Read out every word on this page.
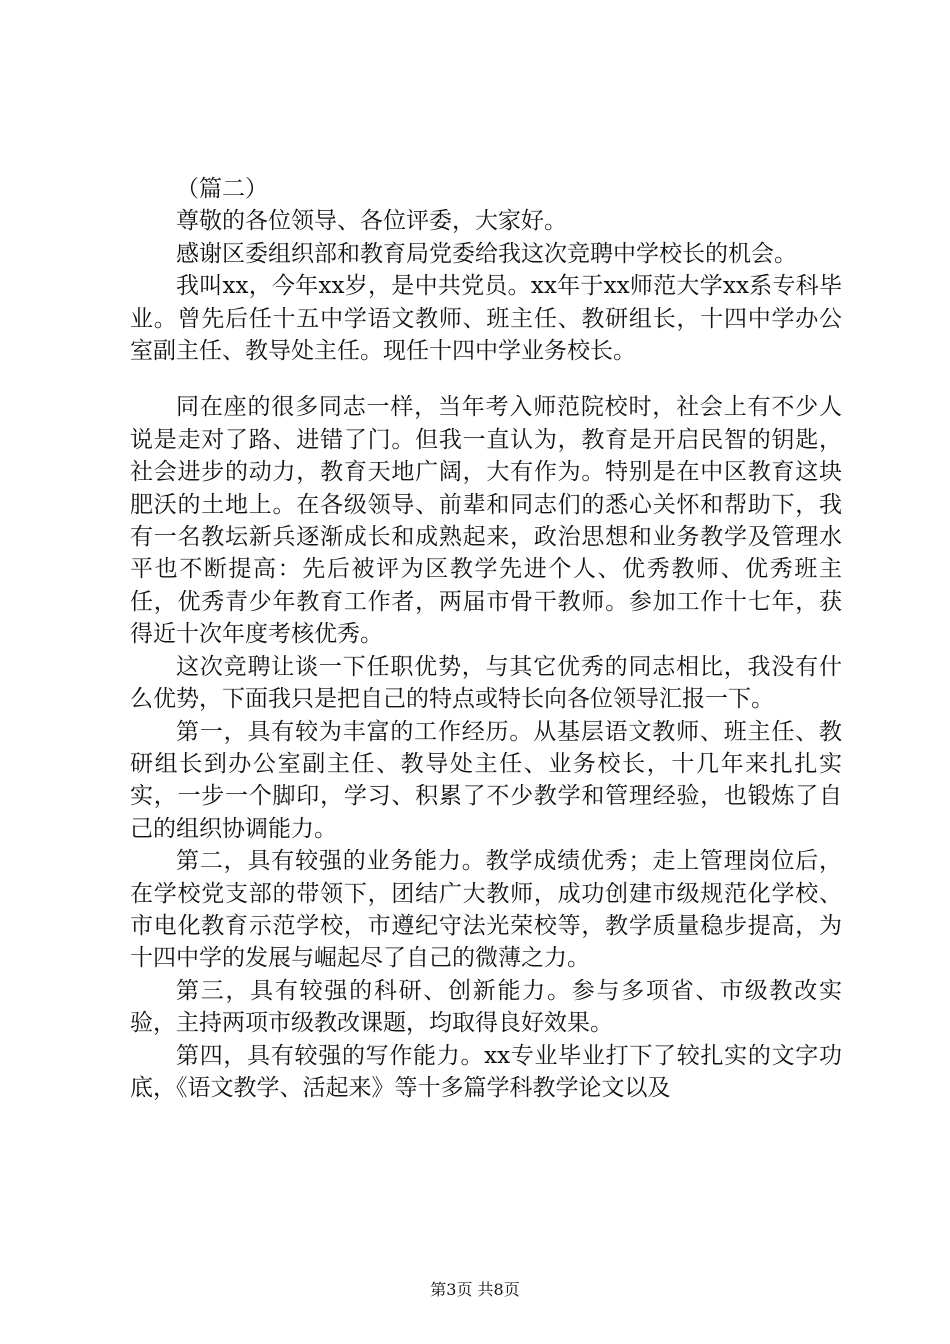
（篇二）

尊敬的各位领导、各位评委，大家好。

感谢区委组织部和教育局党委给我这次竞聘中学校长的机会。

我叫xx，今年xx岁，是中共党员。xx年于xx师范大学xx系专科毕业。曾先后任十五中学语文教师、班主任、教研组长，十四中学办公室副主任、教导处主任。现任十四中学业务校长。

同在座的很多同志一样，当年考入师范院校时，社会上有不少人说是走对了路、进错了门。但我一直认为，教育是开启民智的钥匙，社会进步的动力，教育天地广阔，大有作为。特别是在中区教育这块肥沃的土地上。在各级领导、前辈和同志们的悉心关怀和帮助下，我有一名教坛新兵逐渐成长和成熟起来，政治思想和业务教学及管理水平也不断提高：先后被评为区教学先进个人、优秀教师、优秀班主任，优秀青少年教育工作者，两届市骨干教师。参加工作十七年，获得近十次年度考核优秀。

这次竞聘让谈一下任职优势，与其它优秀的同志相比，我没有什么优势，下面我只是把自己的特点或特长向各位领导汇报一下。

第一，具有较为丰富的工作经历。从基层语文教师、班主任、教研组长到办公室副主任、教导处主任、业务校长，十几年来扎扎实实，一步一个脚印，学习、积累了不少教学和管理经验，也锻炼了自己的组织协调能力。

第二，具有较强的业务能力。教学成绩优秀；走上管理岗位后，在学校党支部的带领下，团结广大教师，成功创建市级规范化学校、市电化教育示范学校，市遵纪守法光荣校等，教学质量稳步提高，为十四中学的发展与崛起尽了自己的微薄之力。

第三，具有较强的科研、创新能力。参与多项省、市级教改实验，主持两项市级教改课题，均取得良好效果。

第四，具有较强的写作能力。xx专业毕业打下了较扎实的文字功底，《语文教学、活起来》等十多篇学科教学论文以及

第3页 共8页
